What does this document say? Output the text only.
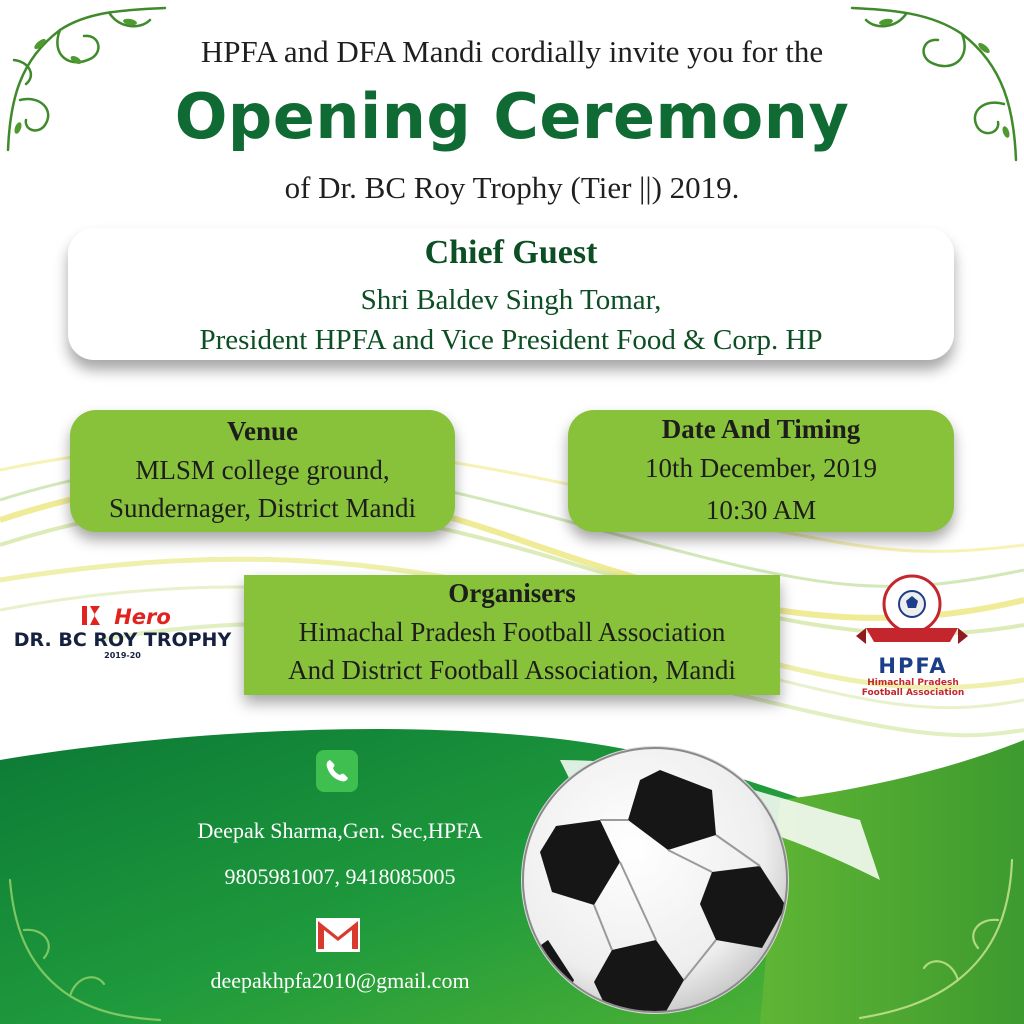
HPFA and DFA Mandi cordially invite you for the
Opening Ceremony
of Dr. BC Roy Trophy (Tier ||) 2019.
Chief Guest
Shri Baldev Singh Tomar,
President HPFA and Vice President Food & Corp. HP
Venue
MLSM college ground,
Sundernager, District Mandi
Date And Timing
10th December, 2019
10:30 AM
Organisers
Himachal Pradesh Football Association
And District Football Association, Mandi
Hero
DR. BC ROY TROPHY
2019-20	HPFA
Himachal Pradesh
Football Association
Deepak Sharma,Gen. Sec,HPFA
9805981007, 9418085005
deepakhpfa2010@gmail.com
